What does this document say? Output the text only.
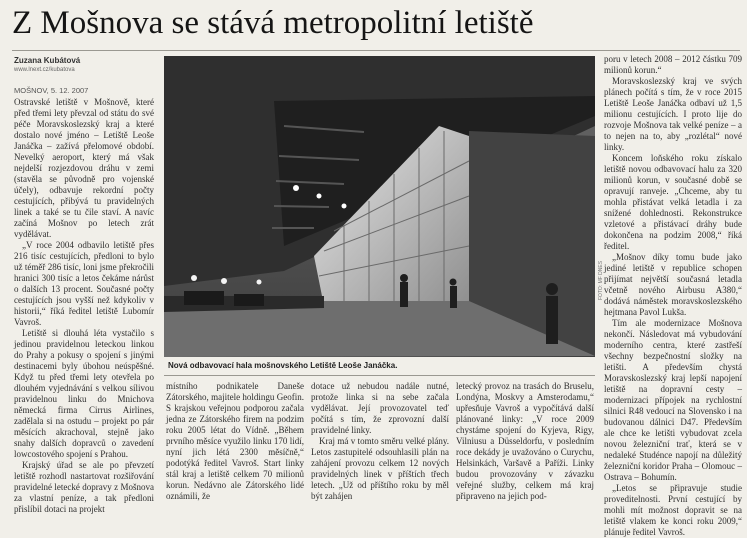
Z Mošnova se stává metropolitní letiště
Zuzana Kubátová
www.lnext.cz/kubatova
MOŠNOV, 5. 12. 2007

Ostravské letiště v Mošnově, které před třemi lety převzal od státu do své péče Moravskoslezský kraj a které dostalo nové jméno – Letiště Leoše Janáčka – zažívá přelomové období. Nevelký aeroport, který má však nejdelší rozjezdovou dráhu v zemi (stavěla se původně pro vojenské účely), odbavuje rekordní počty cestujících, přibývá tu pravidelných linek a také se tu čile staví. A navíc začíná Mošnov po letech zrát vydělávat.

„V roce 2004 odbavilo letiště přes 216 tisíc cestujících, předloni to bylo už téměř 286 tisíc, loni jsme překročili hranici 300 tisíc a letos čekáme nárůst o dalších 13 procent. Současné počty cestujících jsou vyšší než kdykoliv v historii,“ říká ředitel letiště Lubomír Vavroš.

Letiště si dlouhá léta vystačilo s jedinou pravidelnou leteckou linkou do Prahy a pokusy o spojení s jinými destinacemi byly úbohou neúspěšné. Když tu před třemi lety otevřela po dlouhém vyjednávání s velkou sílivou pravidelnou linku do Mnichova německá firma Cirrus Airlines, zadělala si na ostudu – projekt po pár měsících akrachoval, stejně jako snahy dalších dopravců o zavedení lowcostového spojení s Prahou.

Krajský úřad se ale po převzetí letiště rozhodl nastartovat rozšiřování pravidelné letecké dopravy z Mošnova za vlastní peníze, a tak předloni přislíbil dotaci na projekt

FOTO: MF DNES
Nová odbavovací hala mošnovského Letiště Leoše Janáčka.

místního podnikatele Daneše Zátorského, majitele holdingu Geofin. S krajskou veřejnou podporou začala jedna ze Zátorského firem na podzim roku 2005 létat do Vídně. „Během prvního měsíce využilo linku 170 lidí, nyní jich létá 2300 měsíčně,“ podotýká ředitel Vavroš. Start linky stál kraj a letiště celkem 70 milionů korun. Nedávno ale Zátorského lidé oznámili, že

dotace už nebudou nadále nutné, protože linka si na sebe začala vydělávat. Její provozovatel teď počítá s tím, že zprovozní další pravidelné linky.

Kraj má v tomto směru velké plány. Letos zastupitelé odsouhlasili plán na zahájení provozu celkem 12 nových pravidelných linek v příštích třech letech. „Už od příštího roku by měl být zahájen

letecký provoz na trasách do Bruselu, Londýna, Moskvy a Amsterodamu,“ upřesňuje Vavroš a vypočítává další plánované linky: „V roce 2009 chystáme spojení do Kyjeva, Rigy, Vilniusu a Düsseldorfu, v posledním roce dekády je uvažováno o Curychu, Helsinkách, Varšavě a Paříži. Linky budou provozovány v závazku veřejné služby, celkem má kraj připraveno na jejich pod-

poru v letech 2008 – 2012 částku 709 milionů korun.“

Moravskoslezský kraj ve svých plánech počítá s tím, že v roce 2015 Letiště Leoše Janáčka odbaví už 1,5 milionu cestujících. I proto lije do rozvoje Mošnova tak velké peníze – a to nejen na to, aby „rozlétal“ nové linky.

Koncem loňského roku získalo letiště novou odbavovací halu za 320 milionů korun, v současné době se opravují ranveje. „Chceme, aby tu mohla přistávat velká letadla i za snížené dohlednosti. Rekonstrukce vzletové a přistávací dráhy bude dokončena na podzim 2008,“ říká ředitel.

„Mošnov díky tomu bude jako jediné letiště v republice schopen přijímat největší současná letadla včetně nového Airbusu A380,“ dodává náměstek moravskoslezského hejtmana Pavol Lukša.

Tím ale modernizace Mošnova nekončí. Následovat má vybudování moderního centra, které zastřeší všechny bezpečnostní složky na letišti. A především chystá Moravskoslezský kraj lepší napojení letiště na dopravní cesty – modernizaci přípojek na rychlostní silnici R48 vedoucí na Slovensko i na budovanou dálnici D47. Především ale chce ke letišti vybudovat zcela novou železniční trať, která se v nedaleké Studénce napojí na důležitý železniční koridor Praha – Olomouc – Ostrava – Bohumín.

„Letos se připravuje studie proveditelnosti. První cestující by mohli mít možnost dopravit se na letiště vlakem ke konci roku 2009,“ plánuje ředitel Vavroš.
